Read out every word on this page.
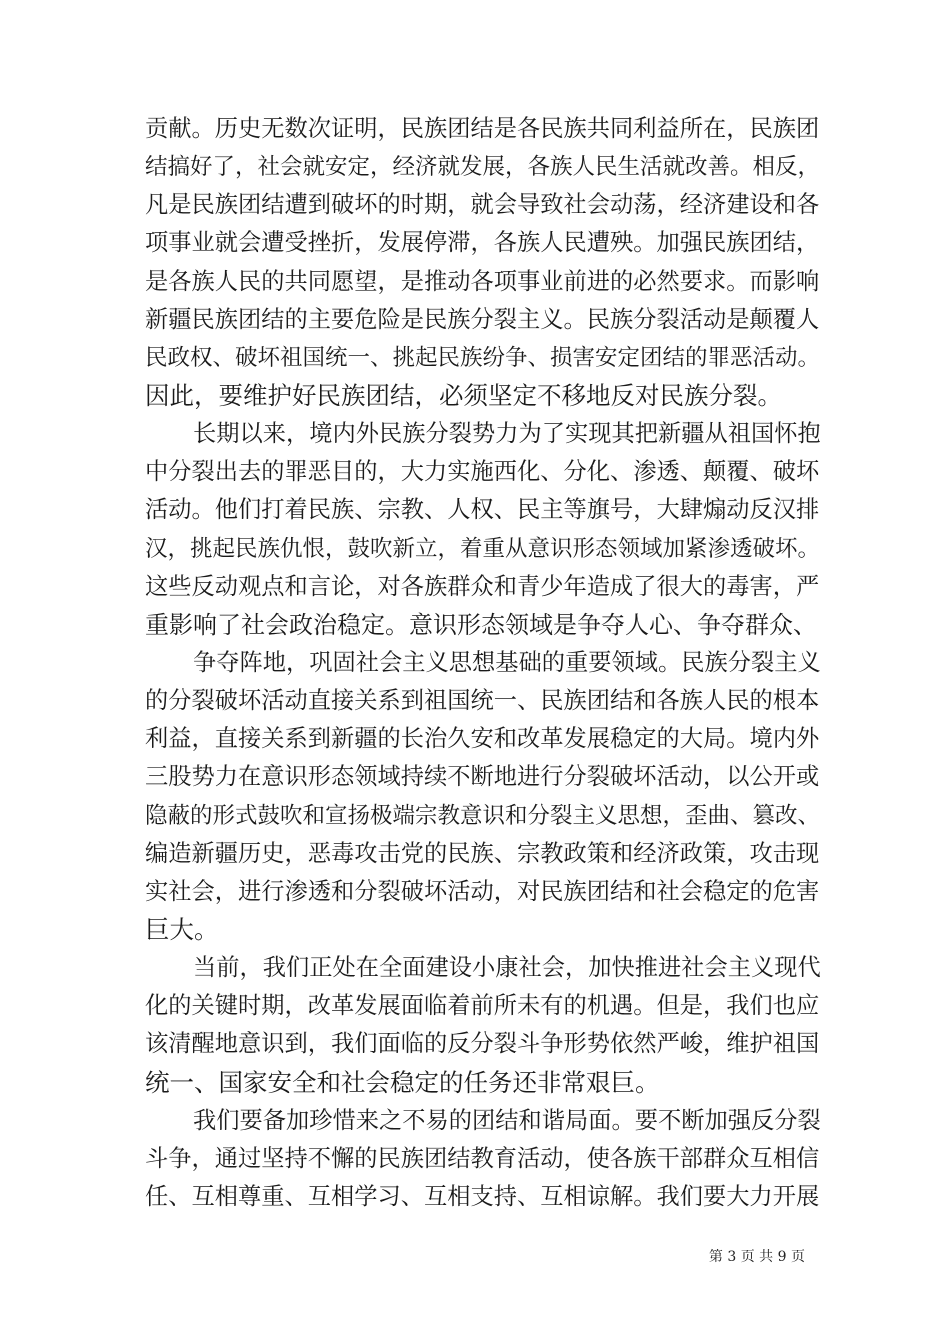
贡献。历史无数次证明，民族团结是各民族共同利益所在，民族团

结搞好了，社会就安定，经济就发展，各族人民生活就改善。相反，

凡是民族团结遭到破坏的时期，就会导致社会动荡，经济建设和各

项事业就会遭受挫折，发展停滞，各族人民遭殃。加强民族团结，

是各族人民的共同愿望，是推动各项事业前进的必然要求。而影响

新疆民族团结的主要危险是民族分裂主义。民族分裂活动是颠覆人

民政权、破坏祖国统一、挑起民族纷争、损害安定团结的罪恶活动。

因此，要维护好民族团结，必须坚定不移地反对民族分裂。

长期以来，境内外民族分裂势力为了实现其把新疆从祖国怀抱

中分裂出去的罪恶目的，大力实施西化、分化、渗透、颠覆、破坏

活动。他们打着民族、宗教、人权、民主等旗号，大肆煽动反汉排

汉，挑起民族仇恨，鼓吹新立，着重从意识形态领域加紧渗透破坏。

这些反动观点和言论，对各族群众和青少年造成了很大的毒害，严

重影响了社会政治稳定。意识形态领域是争夺人心、争夺群众、

争夺阵地，巩固社会主义思想基础的重要领域。民族分裂主义

的分裂破坏活动直接关系到祖国统一、民族团结和各族人民的根本

利益，直接关系到新疆的长治久安和改革发展稳定的大局。境内外

三股势力在意识形态领域持续不断地进行分裂破坏活动，以公开或

隐蔽的形式鼓吹和宣扬极端宗教意识和分裂主义思想，歪曲、篡改、

编造新疆历史，恶毒攻击党的民族、宗教政策和经济政策，攻击现

实社会，进行渗透和分裂破坏活动，对民族团结和社会稳定的危害

巨大。

当前，我们正处在全面建设小康社会，加快推进社会主义现代

化的关键时期，改革发展面临着前所未有的机遇。但是，我们也应

该清醒地意识到，我们面临的反分裂斗争形势依然严峻，维护祖国

统一、国家安全和社会稳定的任务还非常艰巨。

我们要备加珍惜来之不易的团结和谐局面。要不断加强反分裂

斗争，通过坚持不懈的民族团结教育活动，使各族干部群众互相信

任、互相尊重、互相学习、互相支持、互相谅解。我们要大力开展

第 3 页 共 9 页
